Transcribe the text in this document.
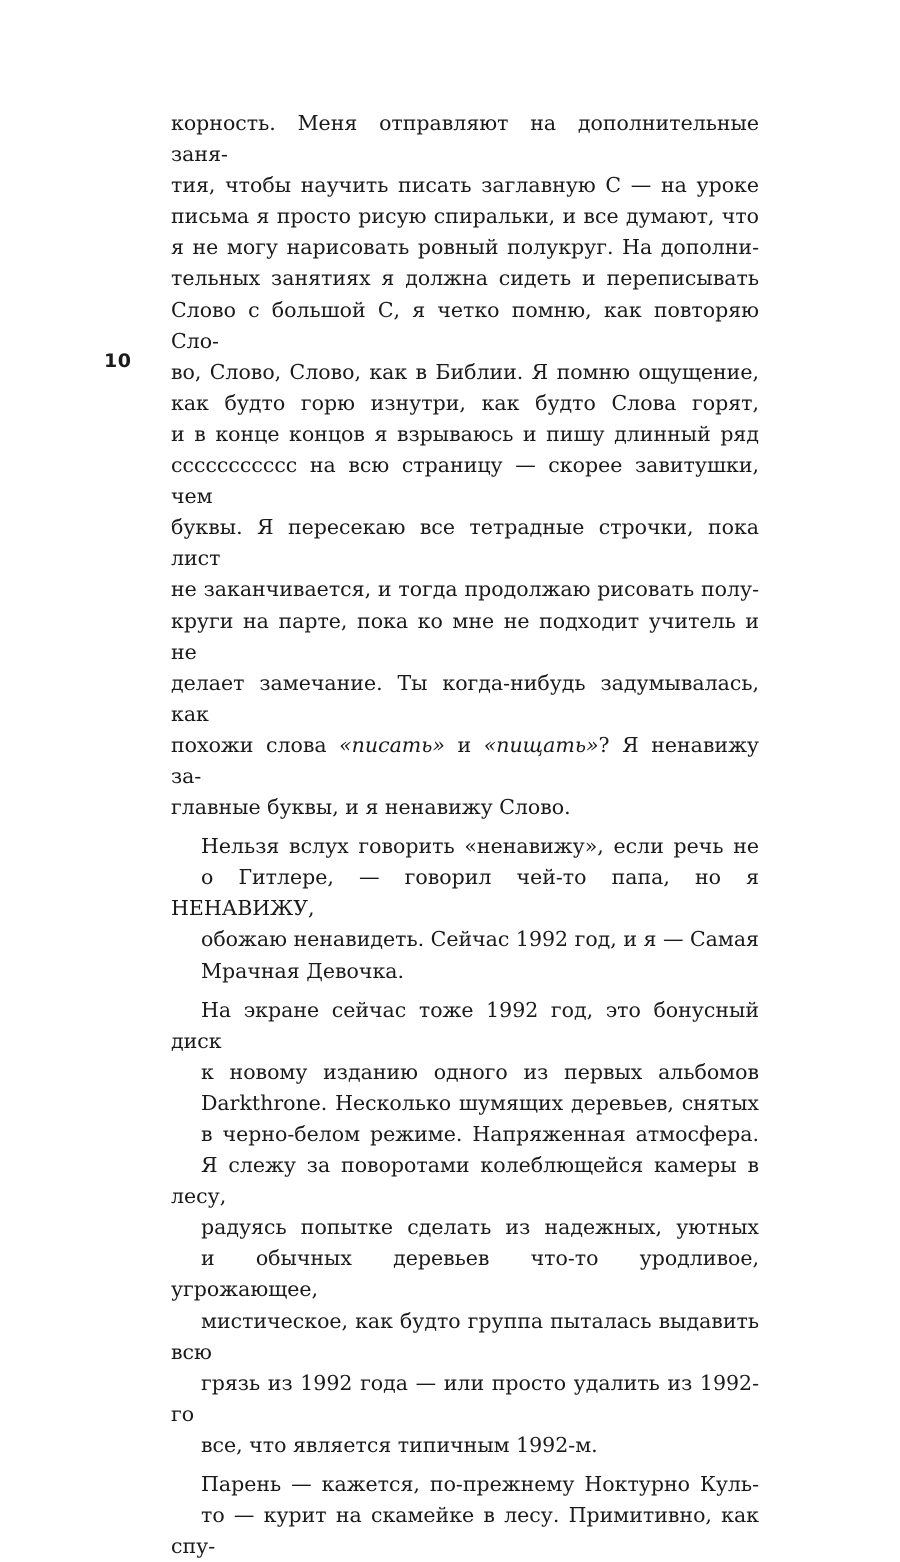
10

корность. Меня отправляют на дополнительные заня-
тия, чтобы научить писать заглавную С — на уроке
письма я просто рисую спиральки, и все думают, что
я не могу нарисовать ровный полукруг. На дополни-
тельных занятиях я должна сидеть и переписывать
Слово с большой С, я четко помню, как повторяю Сло-
во, Слово, Слово, как в Библии. Я помню ощущение,
как будто горю изнутри, как будто Слова горят,
и в конце концов я взрываюсь и пишу длинный ряд
ссссссссссс на всю страницу — скорее завитушки, чем
буквы. Я пересекаю все тетрадные строчки, пока лист
не заканчивается, и тогда продолжаю рисовать полу-
круги на парте, пока ко мне не подходит учитель и не
делает замечание. Ты когда-нибудь задумывалась, как
похожи слова «писать» и «пищать»? Я ненавижу за-
главные буквы, и я ненавижу Слово.

Нельзя вслух говорить «ненавижу», если речь не
о Гитлере, — говорил чей-то папа, но я НЕНАВИЖУ,
обожаю ненавидеть. Сейчас 1992 год, и я — Самая
Мрачная Девочка.

На экране сейчас тоже 1992 год, это бонусный диск
к новому изданию одного из первых альбомов
Darkthrone. Несколько шумящих деревьев, снятых
в черно-белом режиме. Напряженная атмосфера.
Я слежу за поворотами колеблющейся камеры в лесу,
радуясь попытке сделать из надежных, уютных
и обычных деревьев что-то уродливое, угрожающее,
мистическое, как будто группа пыталась выдавить всю
грязь из 1992 года — или просто удалить из 1992-го
все, что является типичным 1992-м.

Парень — кажется, по-прежнему Ноктурно Куль-
то — курит на скамейке в лесу. Примитивно, как спу-
